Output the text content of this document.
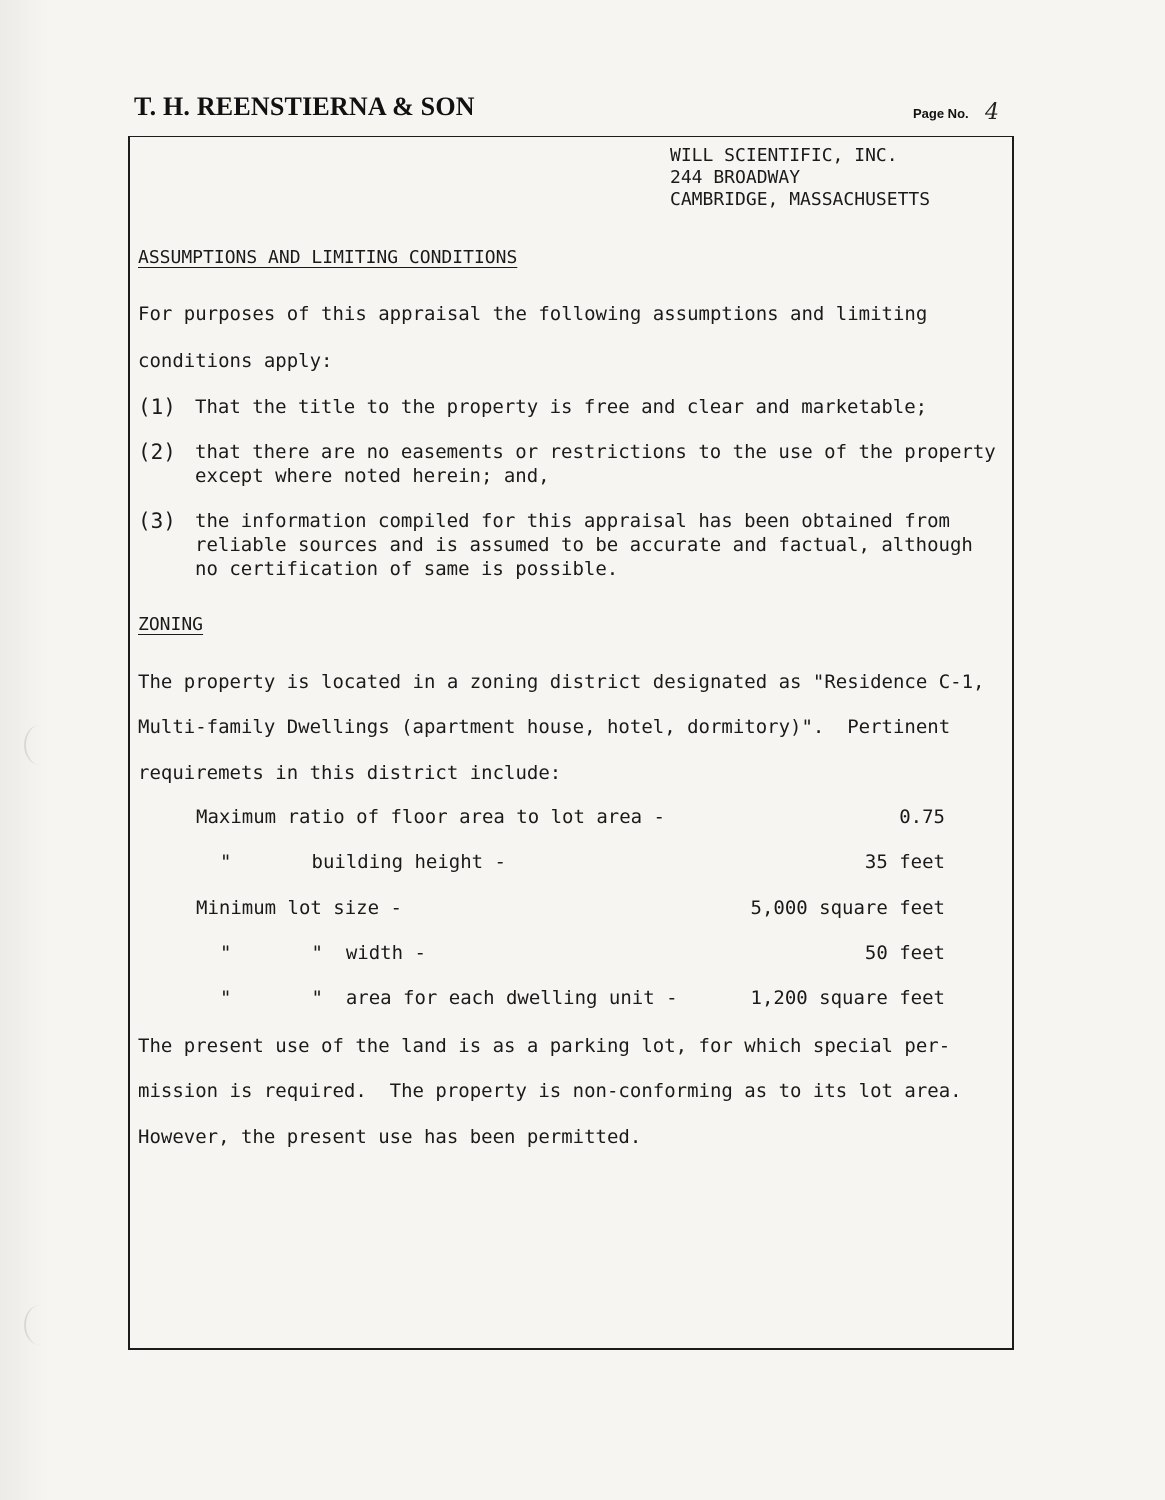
T. H. REENSTIERNA & SON	Page No. 4
WILL SCIENTIFIC, INC.
244 BROADWAY
CAMBRIDGE, MASSACHUSETTS
ASSUMPTIONS AND LIMITING CONDITIONS
For purposes of this appraisal the following assumptions and limiting
conditions apply:
(1) That the title to the property is free and clear and marketable;
(2) that there are no easements or restrictions to the use of the property
except where noted herein; and,
(3) the information compiled for this appraisal has been obtained from
reliable sources and is assumed to be accurate and factual, although
no certification of same is possible.
ZONING
The property is located in a zoning district designated as "Residence C-1,
Multi-family Dwellings (apartment house, hotel, dormitory)".  Pertinent
requiremets in this district include:
Maximum ratio of floor area to lot area -	0.75
"       building height -	35 feet
Minimum lot size -	5,000 square feet
"       "  width -	50 feet
"       "  area for each dwelling unit -	1,200 square feet
The present use of the land is as a parking lot, for which special per-
mission is required.  The property is non-conforming as to its lot area.
However, the present use has been permitted.
